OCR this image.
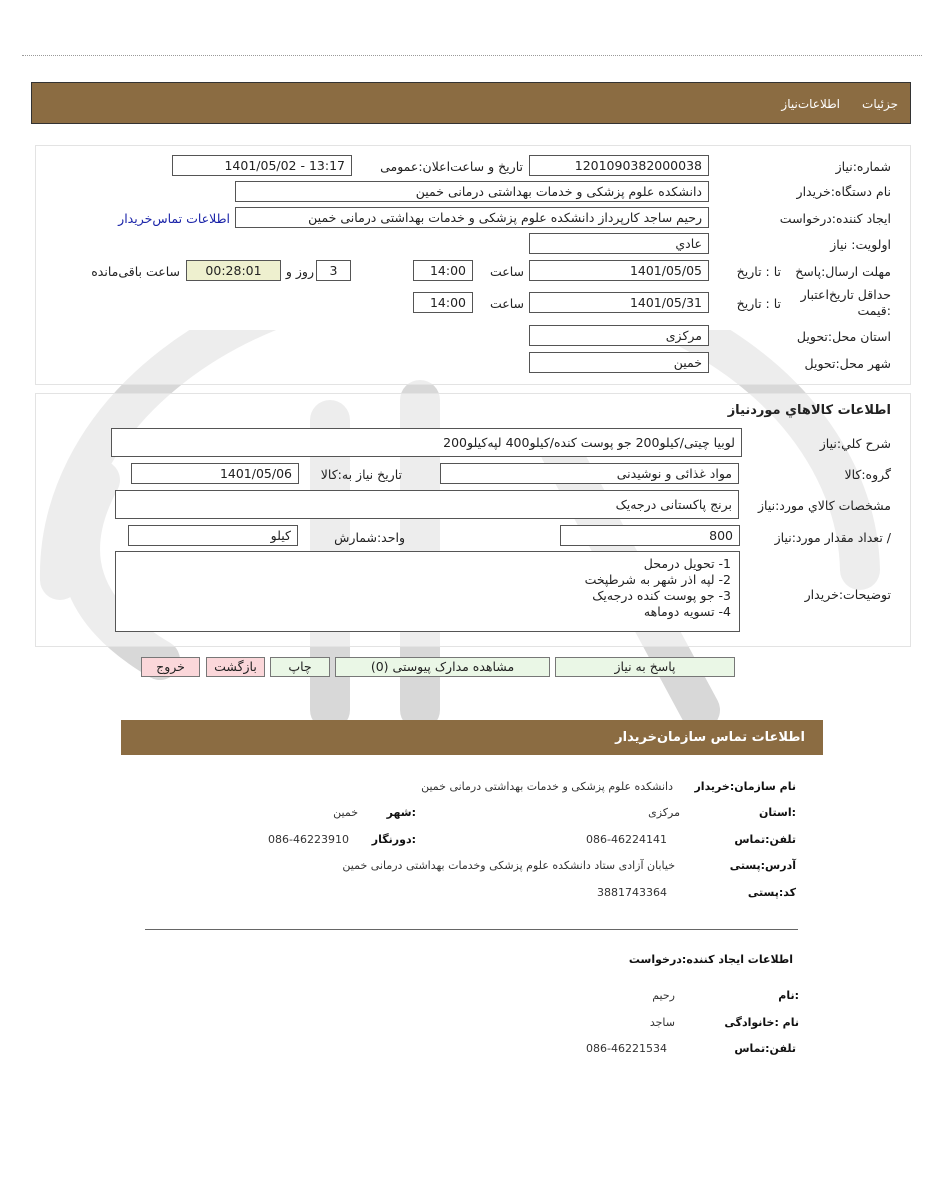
جزئیات
اطلاعات‌نیاز
شماره:نیاز
1201090382000038
تاریخ و ساعت‌اعلان:عمومی
1401/05/02 - 13:17
نام دستگاه:خریدار
دانشکده علوم پزشکی و خدمات بهداشتی درمانی خمین
ایجاد کننده:درخواست
رحیم ساجد کارپرداز دانشکده علوم پزشکی و خدمات بهداشتی درمانی خمین
اطلاعات تماس‌خریدار
اولویت: نیاز
عادي
مهلت ارسال:پاسخ
تا : تاریخ
1401/05/05
ساعت
14:00
3
روز و
00:28:01
ساعت باقی‌مانده
حداقل تاریخ‌اعتبار
:قیمت
تا : تاریخ
1401/05/31
ساعت
14:00
استان محل:تحویل
مرکزی
شهر محل:تحویل
خمین
اطلاعات كالاهاي موردنياز
شرح كلي:نياز
لوبیا چیتی/کیلو200 جو پوست کنده/کیلو400 لپه‌کیلو200
گروه:کالا
مواد غذائی و نوشیدنی
تاریخ نیاز به:کالا
1401/05/06
مشخصات كالاي مورد:نياز
برنج پاکستانی درجه‌یک
/ تعداد مقدار مورد:نیاز
800
واحد:شمارش
کیلو
توضیحات:خریدار
1- تحویل درمحل
2- لپه اذر شهر به شرطپخت
3- جو پوست کنده درجه‌یک
4- تسویه دوماهه
پاسخ به نیاز
مشاهده مدارک پیوستی (0)
چاپ
بازگشت
خروج
اطلاعات تماس سازمان‌خریدار
نام سازمان:خریدار
دانشکده علوم پزشکی و خدمات بهداشتی درمانی خمین
:استان
مرکزی
:شهر
خمین
تلفن:تماس
086-46224141
:دورنگار
086-46223910
آدرس:پستی
خیابان آزادی ستاد دانشکده علوم پزشکی وخدمات بهداشتی درمانی خمین
کد:پستی
3881743364
اطلاعات ایجاد کننده:درخواست
:نام
رحیم
نام :خانوادگی
ساجد
تلفن:تماس
086-46221534
